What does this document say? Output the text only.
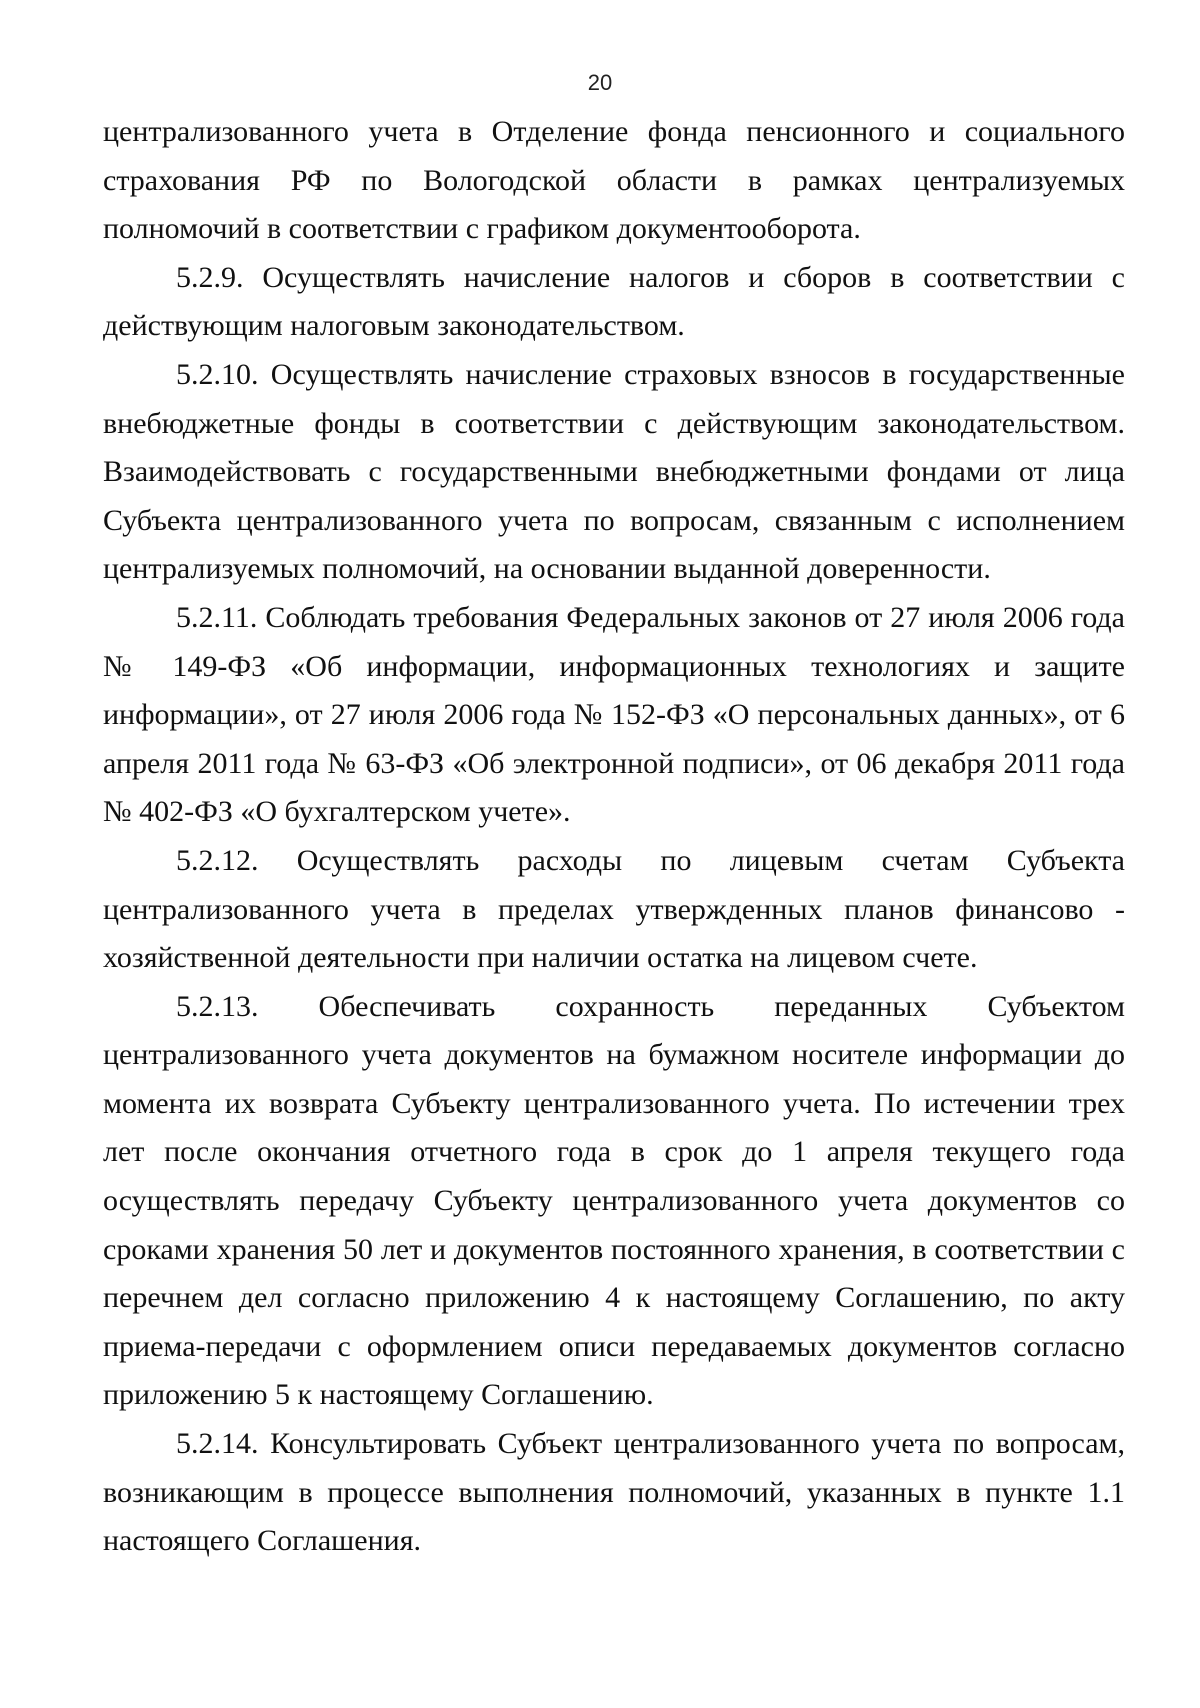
20

централизованного учета в Отделение фонда пенсионного и социального страхования РФ по Вологодской области в рамках централизуемых полномочий в соответствии с графиком документооборота.

5.2.9. Осуществлять начисление налогов и сборов в соответствии с действующим налоговым законодательством.

5.2.10. Осуществлять начисление страховых взносов в государственные внебюджетные фонды в соответствии с действующим законодательством. Взаимодействовать с государственными внебюджетными фондами от лица Субъекта централизованного учета по вопросам, связанным с исполнением централизуемых полномочий, на основании выданной доверенности.

5.2.11. Соблюдать требования Федеральных законов от 27 июля 2006 года № 149-ФЗ «Об информации, информационных технологиях и защите информации», от 27 июля 2006 года № 152-ФЗ «О персональных данных», от 6 апреля 2011 года № 63-ФЗ «Об электронной подписи», от 06 декабря 2011 года № 402-ФЗ «О бухгалтерском учете».

5.2.12. Осуществлять расходы по лицевым счетам Субъекта централизованного учета в пределах утвержденных планов финансово - хозяйственной деятельности при наличии остатка на лицевом счете.

5.2.13. Обеспечивать сохранность переданных Субъектом централизованного учета документов на бумажном носителе информации до момента их возврата Субъекту централизованного учета. По истечении трех лет после окончания отчетного года в срок до 1 апреля текущего года осуществлять передачу Субъекту централизованного учета документов со сроками хранения 50 лет и документов постоянного хранения, в соответствии с перечнем дел согласно приложению 4 к настоящему Соглашению, по акту приема-передачи с оформлением описи передаваемых документов согласно приложению 5 к настоящему Соглашению.

5.2.14. Консультировать Субъект централизованного учета по вопросам, возникающим в процессе выполнения полномочий, указанных в пункте 1.1 настоящего Соглашения.
